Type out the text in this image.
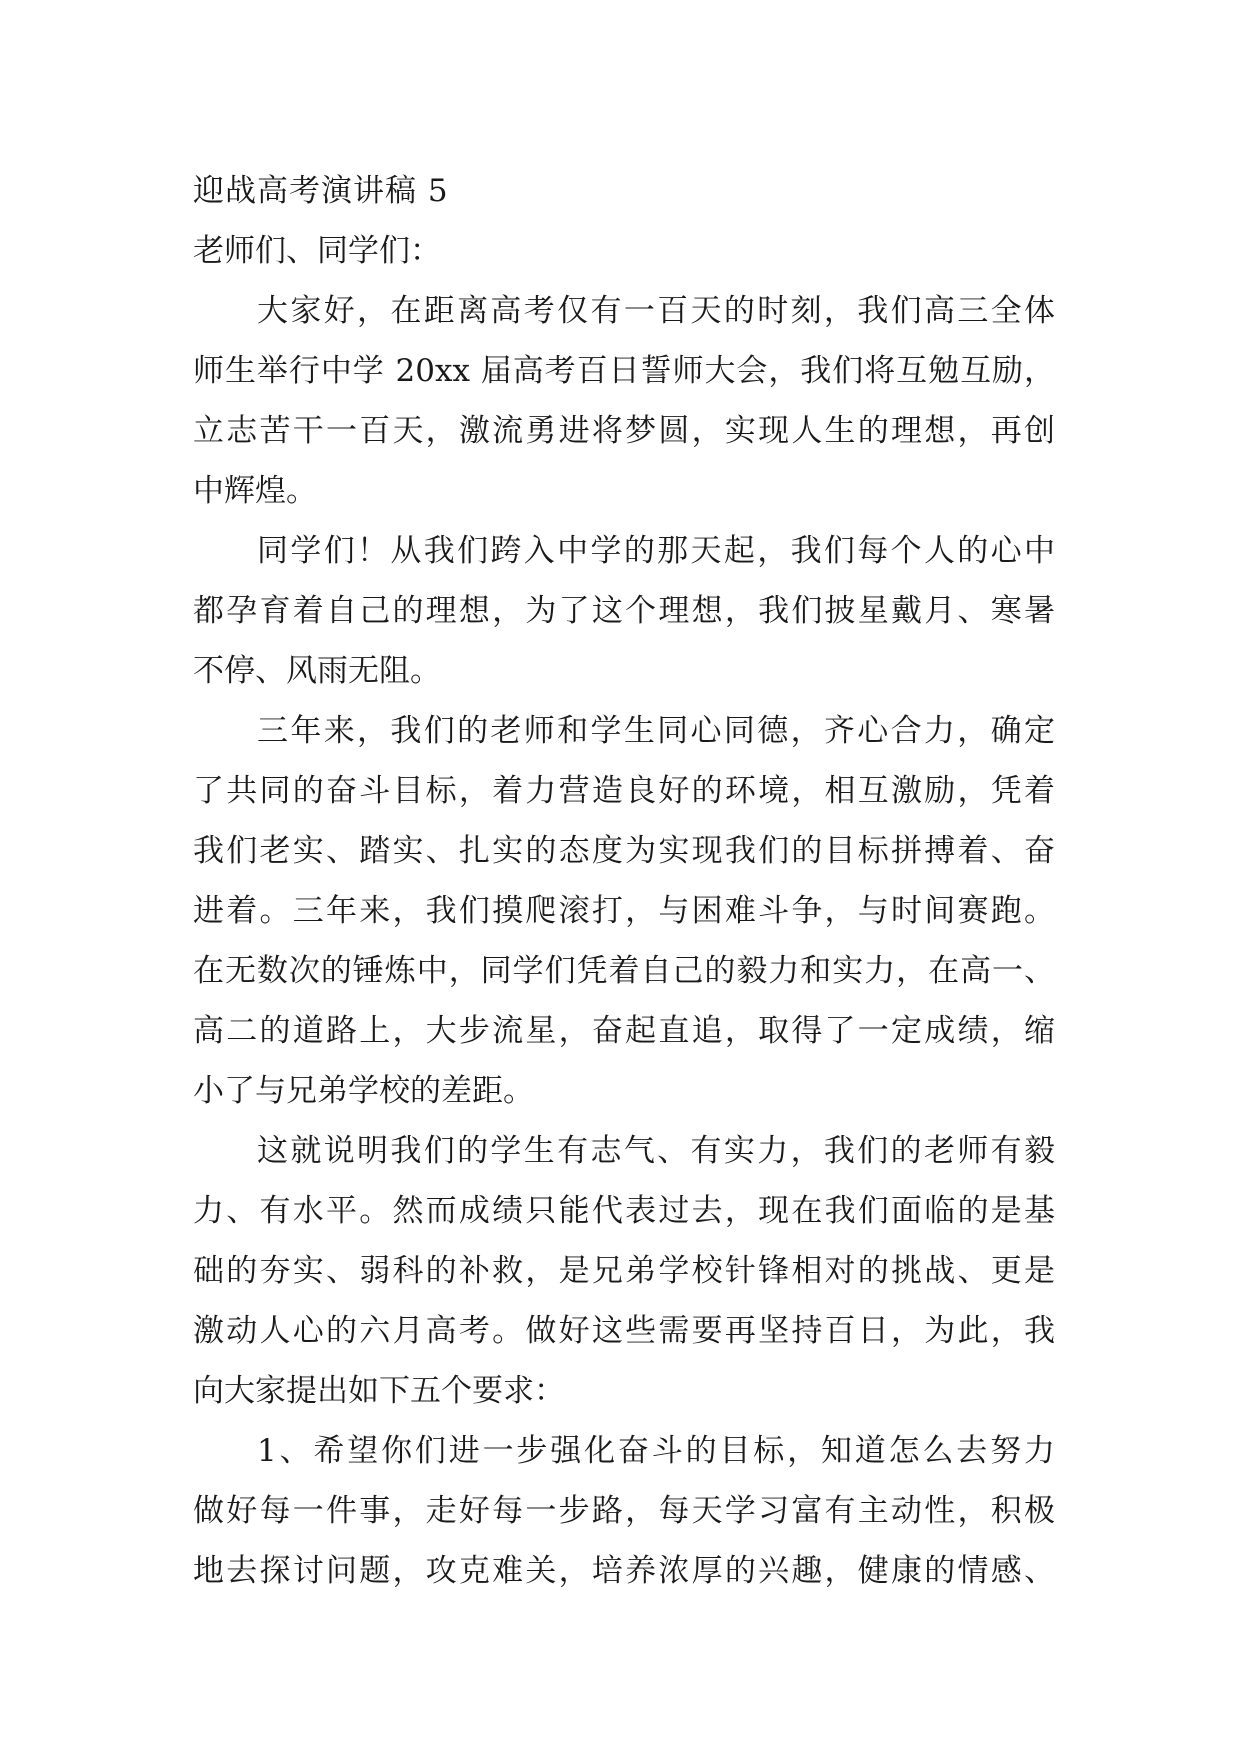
迎战高考演讲稿 5
老师们、同学们：
大家好，在距离高考仅有一百天的时刻，我们高三全体
师生举行中学 20xx 届高考百日誓师大会，我们将互勉互励，
立志苦干一百天，激流勇进将梦圆，实现人生的理想，再创
中辉煌。
同学们！从我们跨入中学的那天起，我们每个人的心中
都孕育着自己的理想，为了这个理想，我们披星戴月、寒暑
不停、风雨无阻。
三年来，我们的老师和学生同心同德，齐心合力，确定
了共同的奋斗目标，着力营造良好的环境，相互激励，凭着
我们老实、踏实、扎实的态度为实现我们的目标拼搏着、奋
进着。三年来，我们摸爬滚打，与困难斗争，与时间赛跑。
在无数次的锤炼中，同学们凭着自己的毅力和实力，在高一、
高二的道路上，大步流星，奋起直追，取得了一定成绩，缩
小了与兄弟学校的差距。
这就说明我们的学生有志气、有实力，我们的老师有毅
力、有水平。然而成绩只能代表过去，现在我们面临的是基
础的夯实、弱科的补救，是兄弟学校针锋相对的挑战、更是
激动人心的六月高考。做好这些需要再坚持百日，为此，我
向大家提出如下五个要求：
1、希望你们进一步强化奋斗的目标，知道怎么去努力
做好每一件事，走好每一步路，每天学习富有主动性，积极
地去探讨问题，攻克难关，培养浓厚的兴趣，健康的情感、
